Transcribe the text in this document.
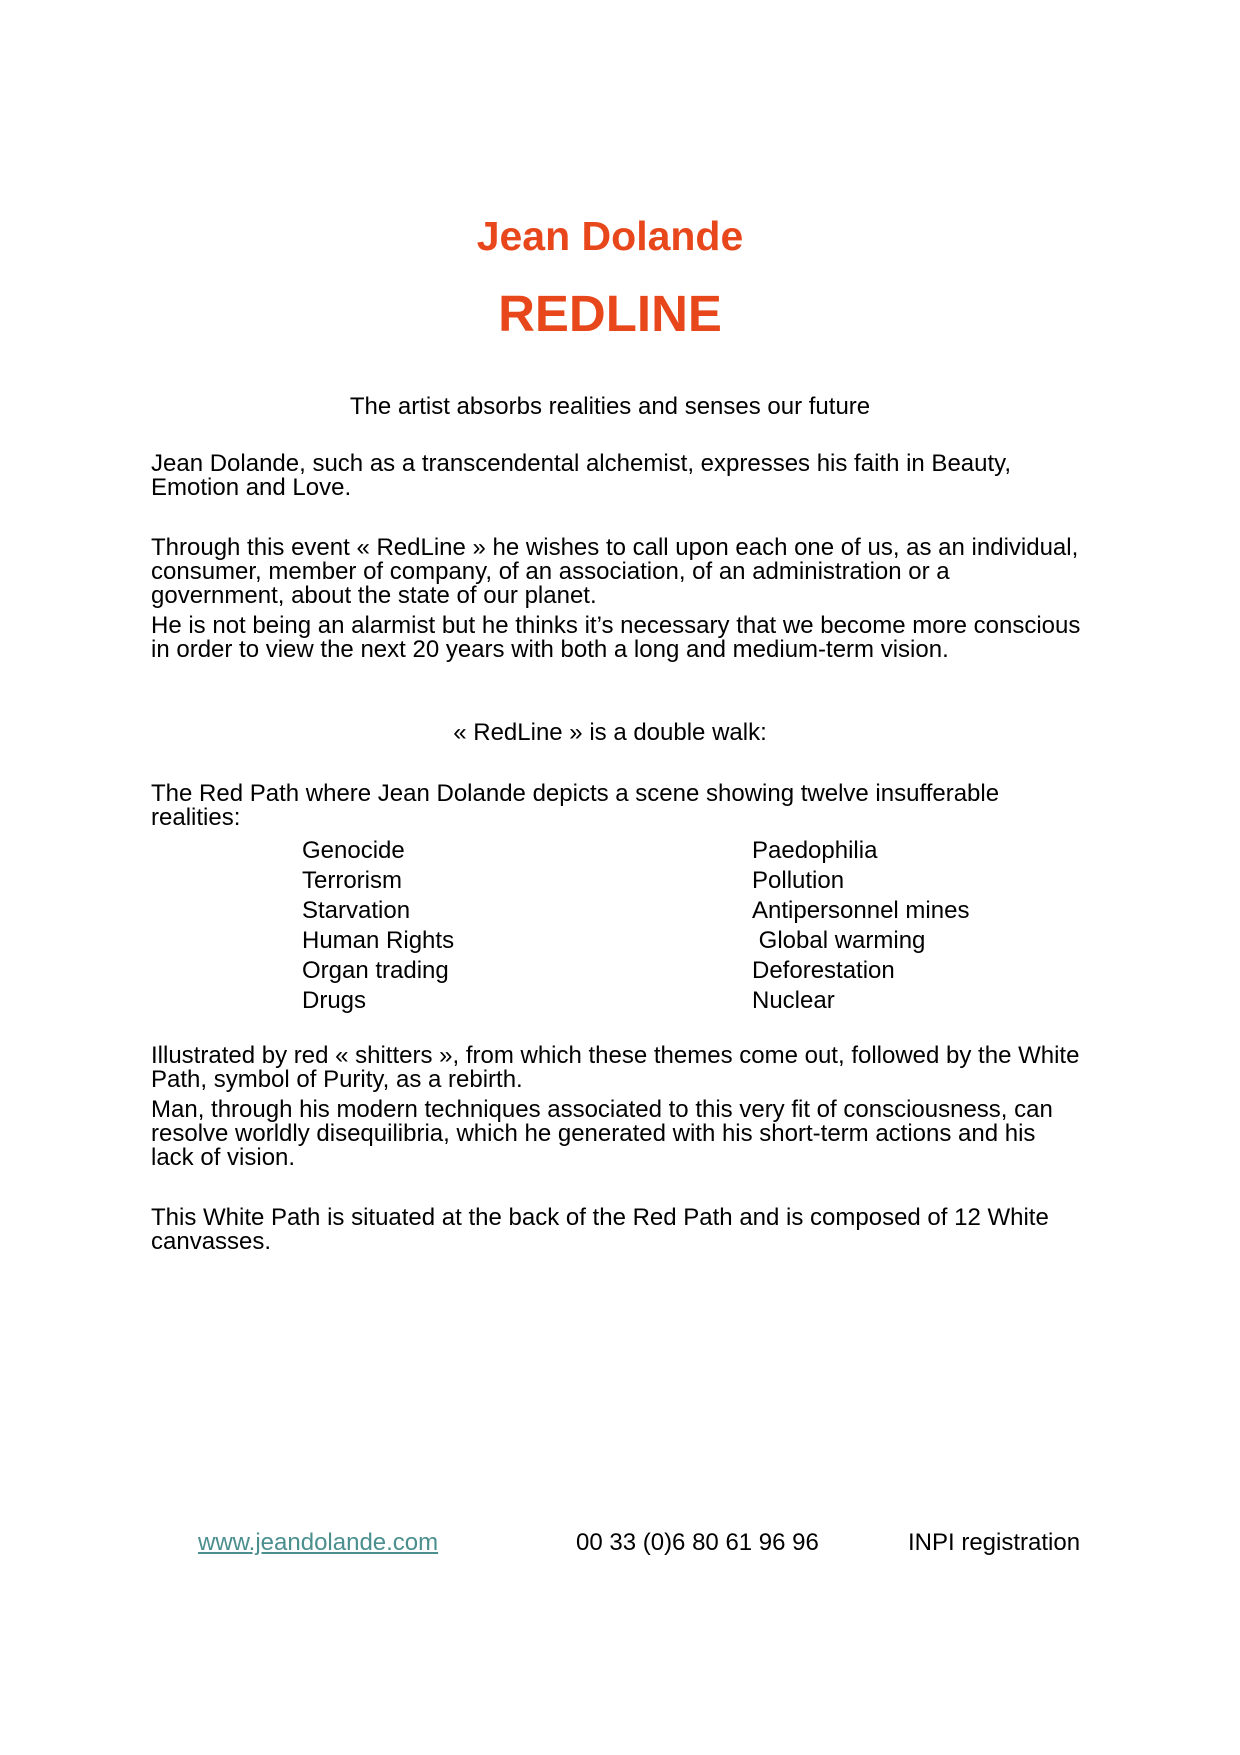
Jean Dolande
REDLINE
The artist absorbs realities and senses our future

Jean Dolande, such as a transcendental alchemist, expresses his faith in Beauty, Emotion and Love.

Through this event « RedLine » he wishes to call upon each one of us, as an individual, consumer, member of company, of an association, of an administration or a government, about the state of our planet.

He is not being an alarmist but he thinks it’s necessary that we become more conscious in order to view the next 20 years with both a long and medium-term vision.

« RedLine » is a double walk:

The Red Path where Jean Dolande depicts a scene showing twelve insufferable realities:

Genocide
Terrorism
Starvation
Human Rights
Organ trading
Drugs
Paedophilia
Pollution
Antipersonnel mines
Global warming
Deforestation
Nuclear

Illustrated by red « shitters », from which these themes come out, followed by the White Path, symbol of Purity, as a rebirth.

Man, through his modern techniques associated to this very fit of consciousness, can resolve worldly disequilibria, which he generated with his short-term actions and his lack of vision.

This White Path is situated at the back of the Red Path and is composed of 12 White canvasses.

www.jeandolande.com	00 33 (0)6 80 61 96 96	INPI registration
